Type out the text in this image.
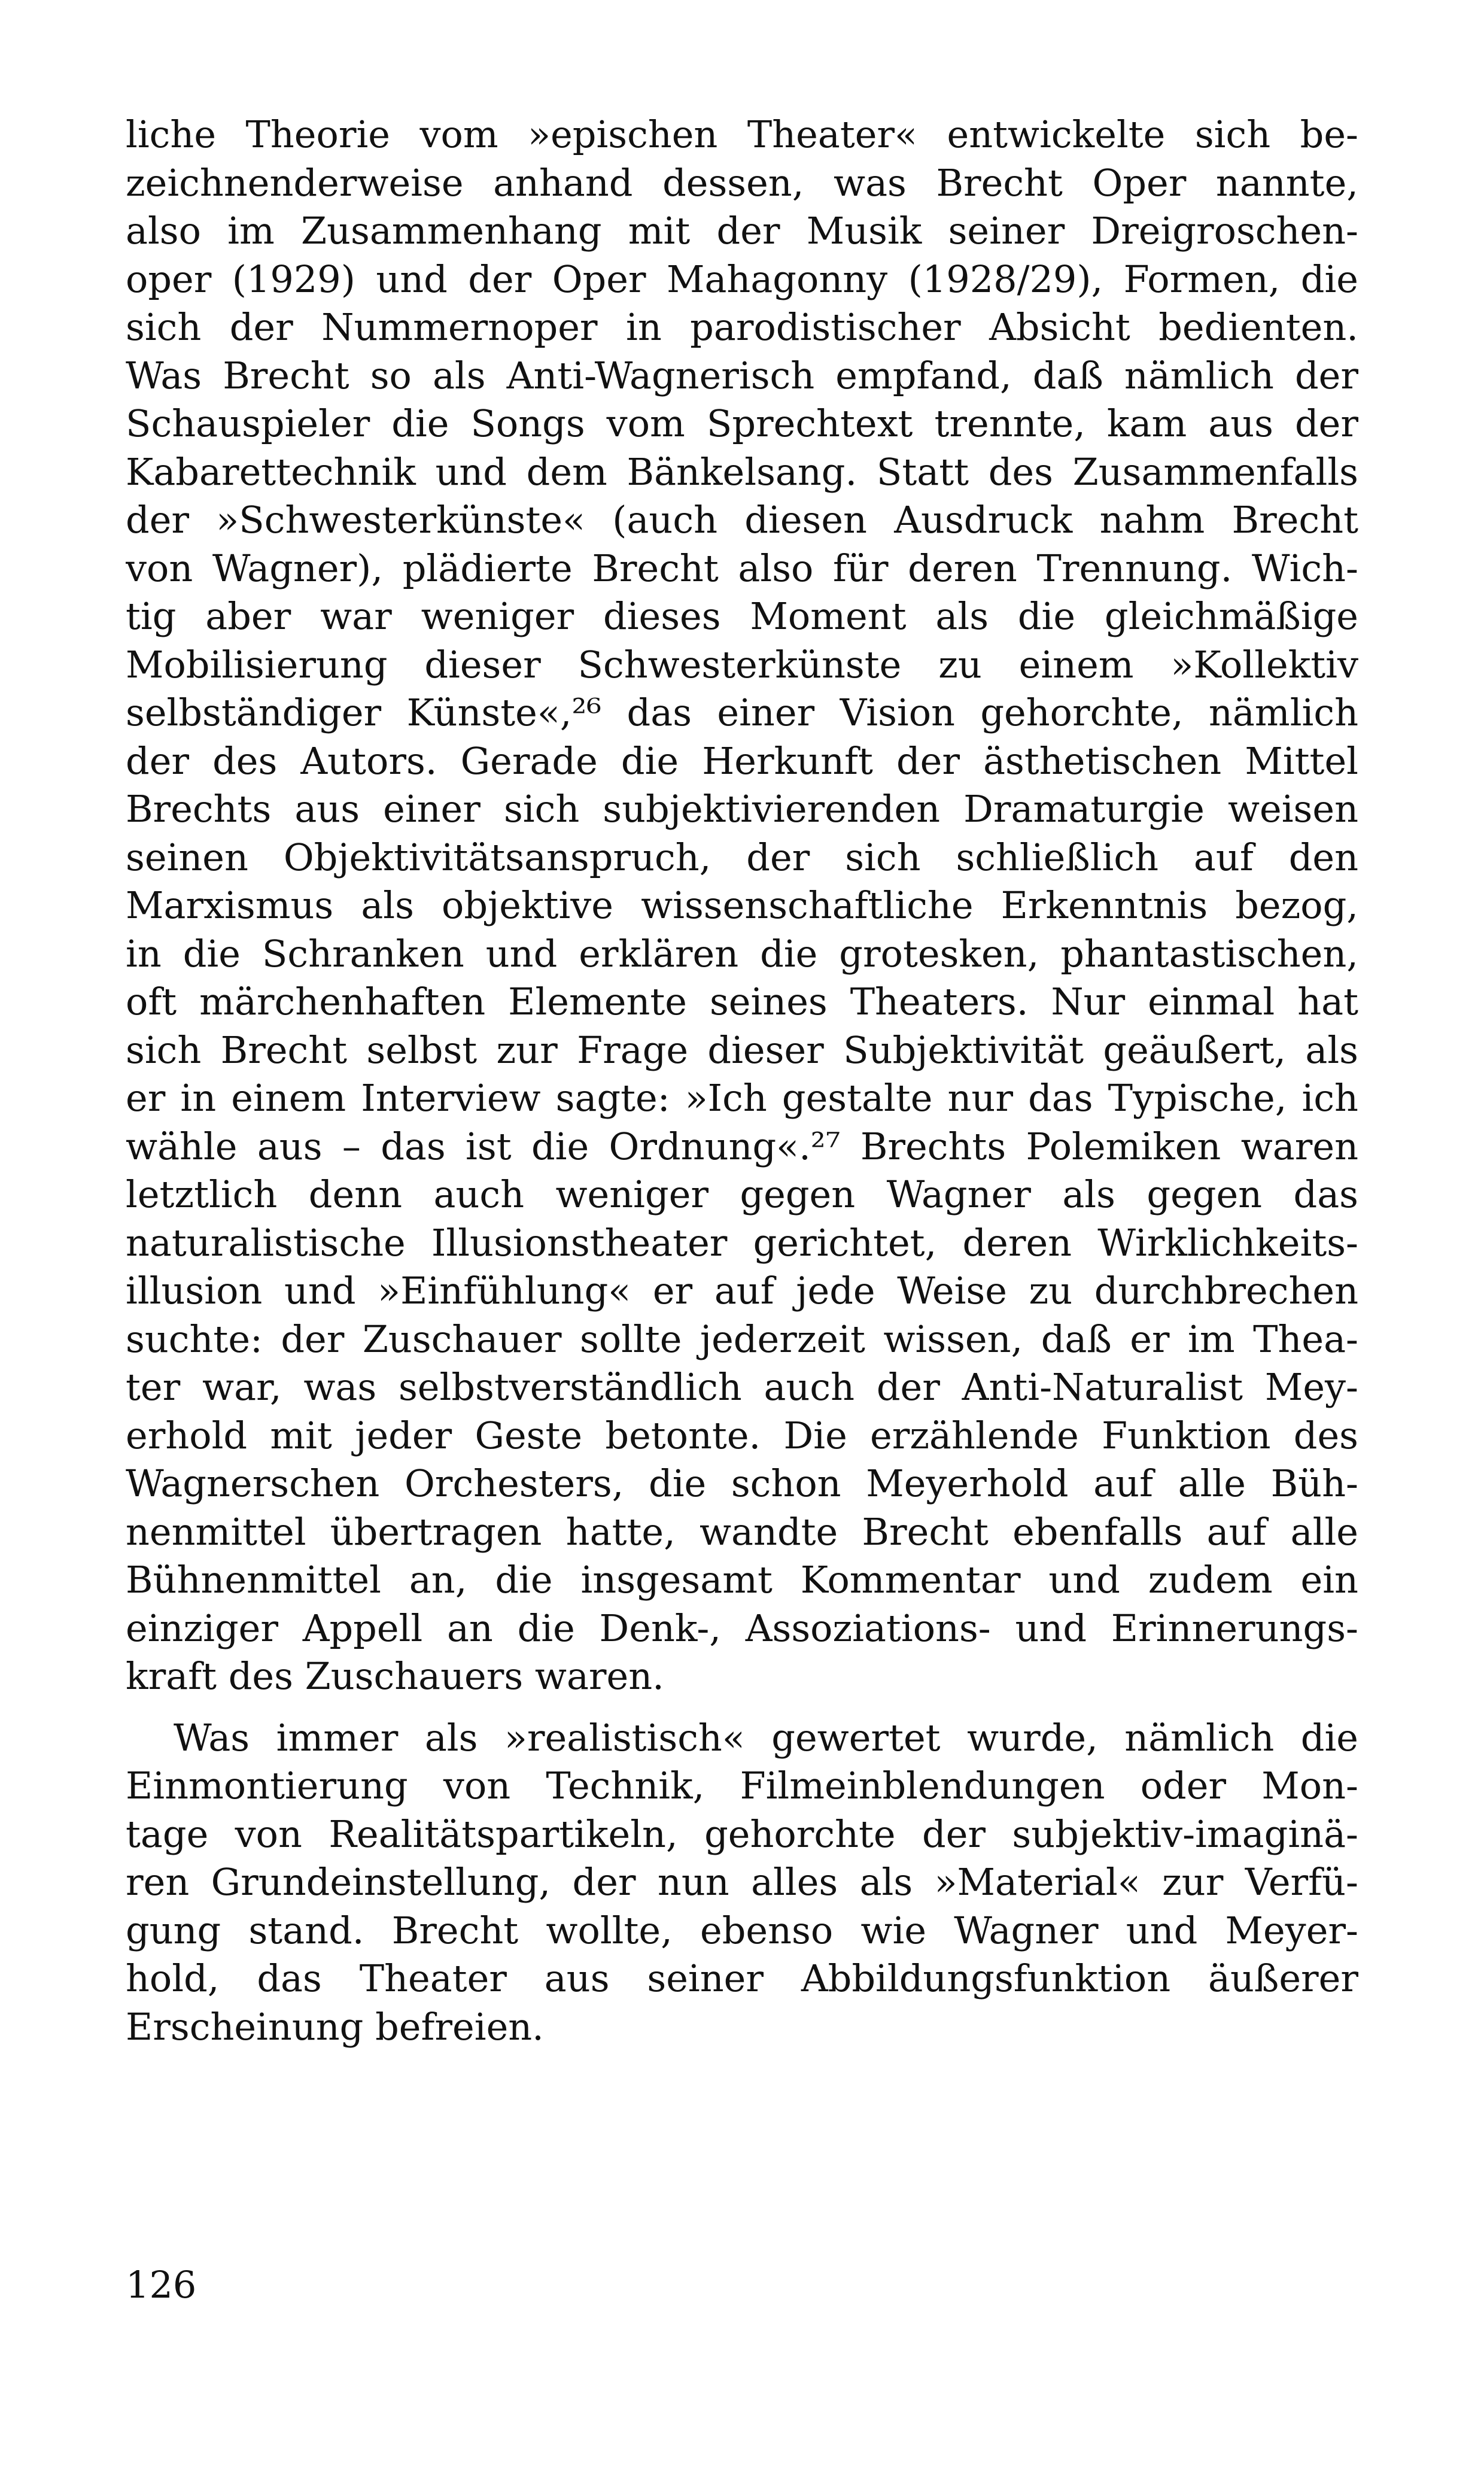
liche Theorie vom »epischen Theater« entwickelte sich be-
zeichnenderweise anhand dessen, was Brecht Oper nannte,
also im Zusammenhang mit der Musik seiner Dreigroschen-
oper (1929) und der Oper Mahagonny (1928/29), Formen, die
sich der Nummernoper in parodistischer Absicht bedienten.
Was Brecht so als Anti-Wagnerisch empfand, daß nämlich der
Schauspieler die Songs vom Sprechtext trennte, kam aus der
Kabarettechnik und dem Bänkelsang. Statt des Zusammenfalls
der »Schwesterkünste« (auch diesen Ausdruck nahm Brecht
von Wagner), plädierte Brecht also für deren Trennung. Wich-
tig aber war weniger dieses Moment als die gleichmäßige
Mobilisierung dieser Schwesterkünste zu einem »Kollektiv
selbständiger Künste«,²⁶ das einer Vision gehorchte, nämlich
der des Autors. Gerade die Herkunft der ästhetischen Mittel
Brechts aus einer sich subjektivierenden Dramaturgie weisen
seinen Objektivitätsanspruch, der sich schließlich auf den
Marxismus als objektive wissenschaftliche Erkenntnis bezog,
in die Schranken und erklären die grotesken, phantastischen,
oft märchenhaften Elemente seines Theaters. Nur einmal hat
sich Brecht selbst zur Frage dieser Subjektivität geäußert, als
er in einem Interview sagte: »Ich gestalte nur das Typische, ich
wähle aus – das ist die Ordnung«.²⁷ Brechts Polemiken waren
letztlich denn auch weniger gegen Wagner als gegen das
naturalistische Illusionstheater gerichtet, deren Wirklichkeits-
illusion und »Einfühlung« er auf jede Weise zu durchbrechen
suchte: der Zuschauer sollte jederzeit wissen, daß er im Thea-
ter war, was selbstverständlich auch der Anti-Naturalist Mey-
erhold mit jeder Geste betonte. Die erzählende Funktion des
Wagnerschen Orchesters, die schon Meyerhold auf alle Büh-
nenmittel übertragen hatte, wandte Brecht ebenfalls auf alle
Bühnenmittel an, die insgesamt Kommentar und zudem ein
einziger Appell an die Denk-, Assoziations- und Erinnerungs-
kraft des Zuschauers waren.
Was immer als »realistisch« gewertet wurde, nämlich die
Einmontierung von Technik, Filmeinblendungen oder Mon-
tage von Realitätspartikeln, gehorchte der subjektiv-imaginä-
ren Grundeinstellung, der nun alles als »Material« zur Verfü-
gung stand. Brecht wollte, ebenso wie Wagner und Meyer-
hold, das Theater aus seiner Abbildungsfunktion äußerer
Erscheinung befreien.
126
